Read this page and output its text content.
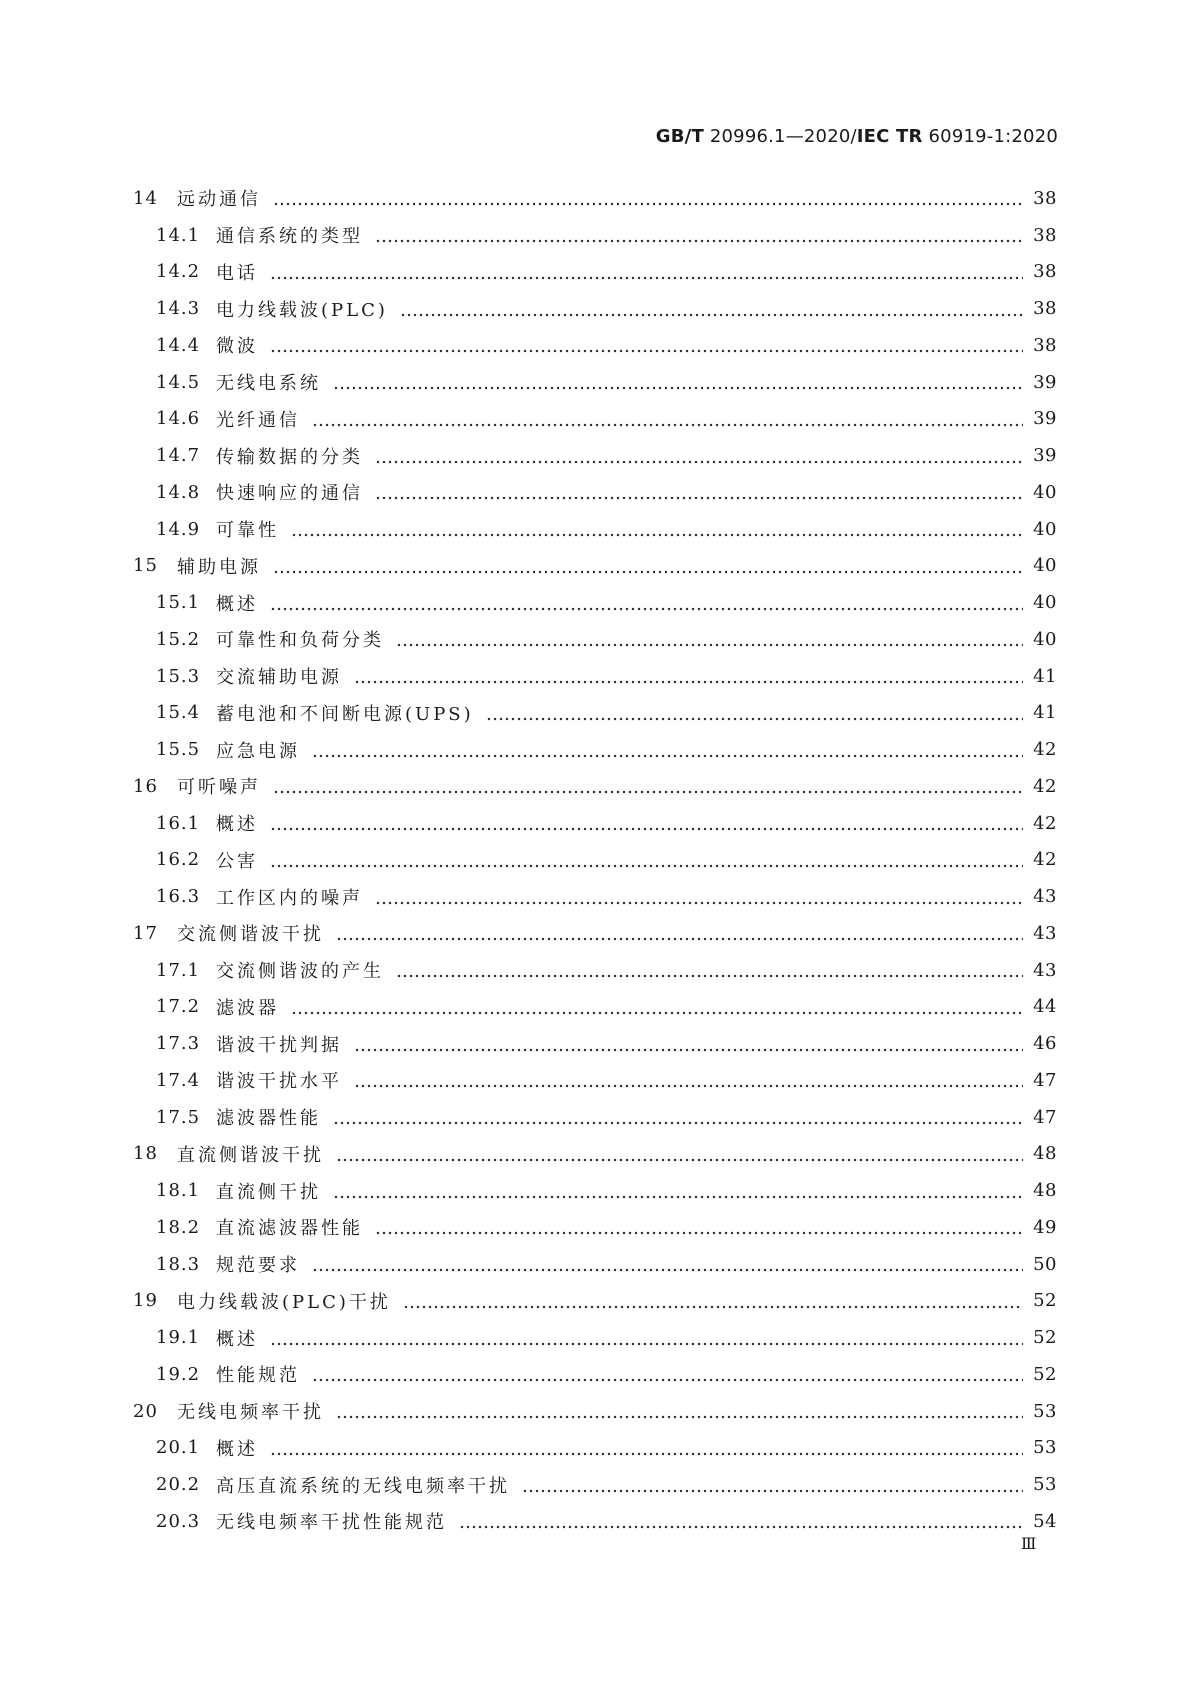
GB/T 20996.1—2020/IEC TR 60919-1:2020
14	远动通信	38
14.1 通信系统的类型	38
14.2 电话	38
14.3 电力线载波(PLC)	38
14.4 微波	38
14.5 无线电系统	39
14.6 光纤通信	39
14.7 传输数据的分类	39
14.8 快速响应的通信	40
14.9 可靠性	40
15	辅助电源	40
15.1 概述	40
15.2 可靠性和负荷分类	40
15.3 交流辅助电源	41
15.4 蓄电池和不间断电源(UPS)	41
15.5 应急电源	42
16	可听噪声	42
16.1 概述	42
16.2 公害	42
16.3 工作区内的噪声	43
17	交流侧谐波干扰	43
17.1 交流侧谐波的产生	43
17.2 滤波器	44
17.3 谐波干扰判据	46
17.4 谐波干扰水平	47
17.5 滤波器性能	47
18	直流侧谐波干扰	48
18.1 直流侧干扰	48
18.2 直流滤波器性能	49
18.3 规范要求	50
19	电力线载波(PLC)干扰	52
19.1 概述	52
19.2 性能规范	52
20	无线电频率干扰	53
20.1 概述	53
20.2 高压直流系统的无线电频率干扰	53
20.3 无线电频率干扰性能规范	54
Ⅲ
